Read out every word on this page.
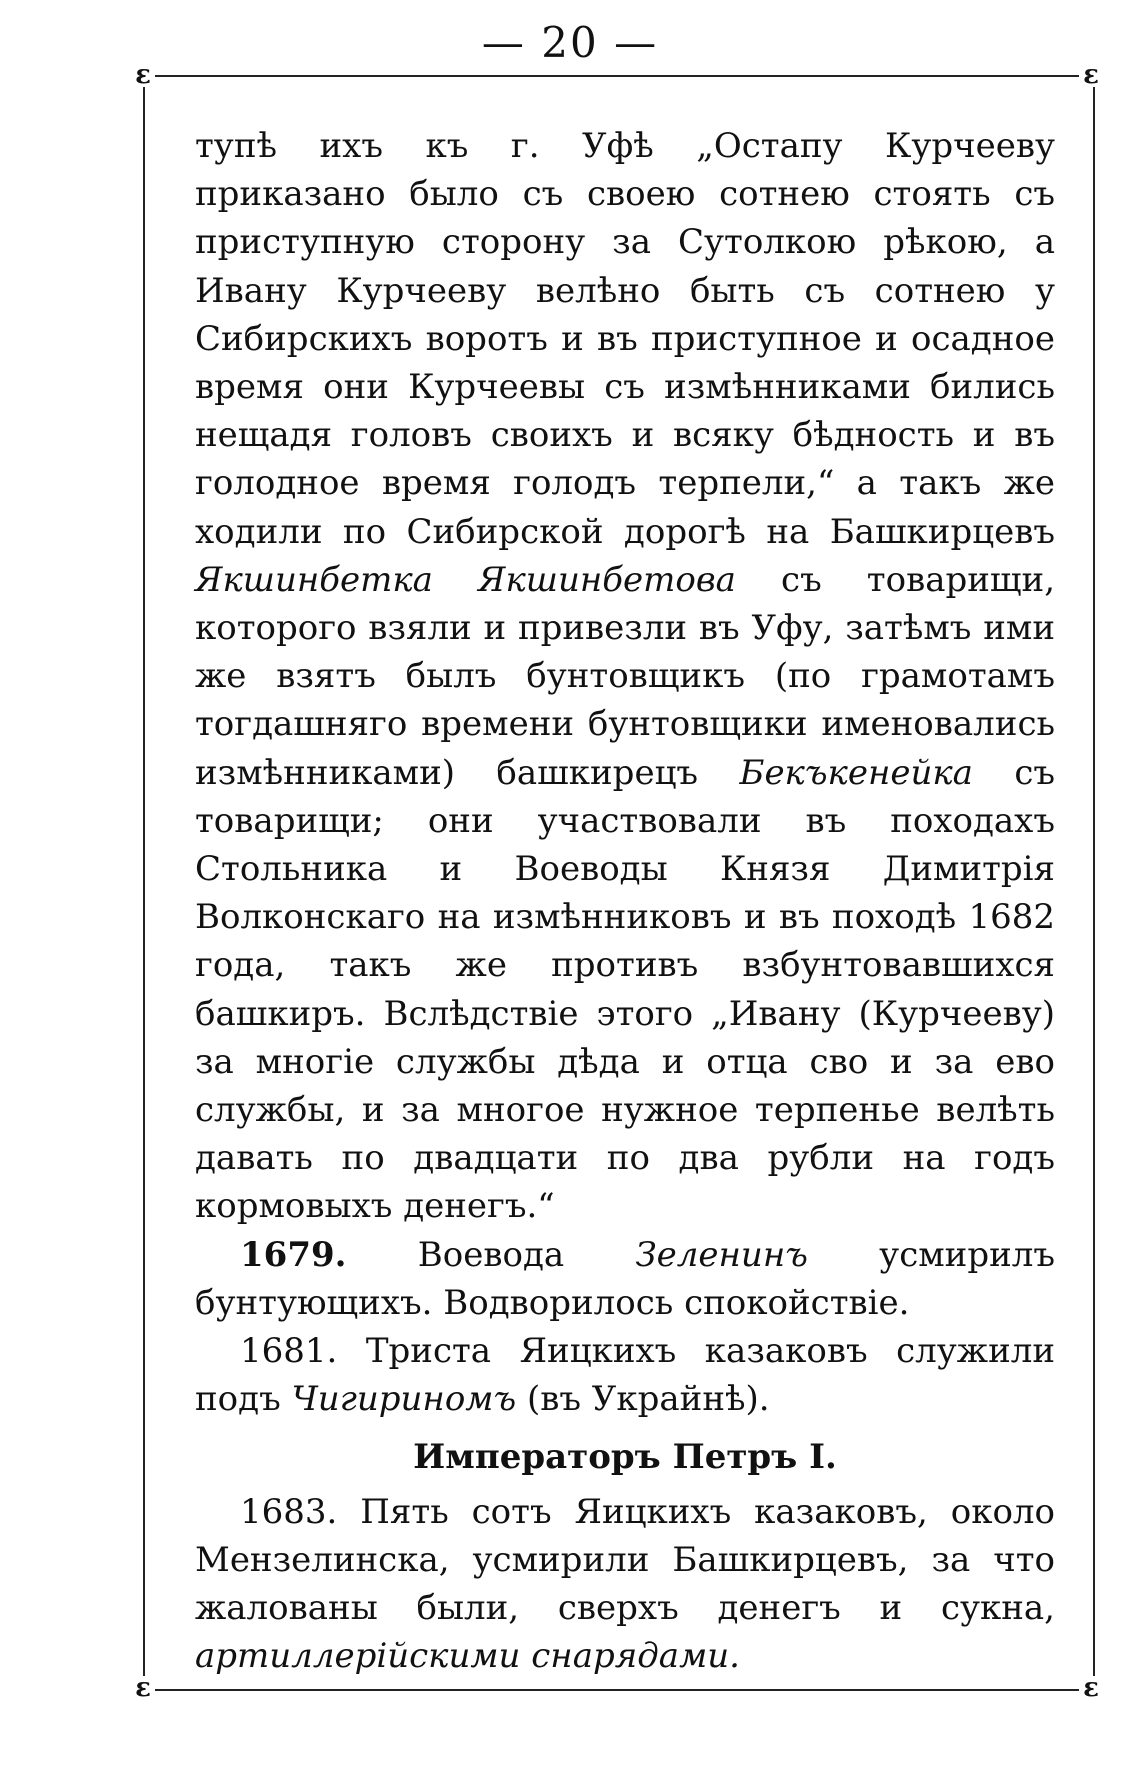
— 20 —
ɛ	ɛ
ɛ	ɛ

тупѣ ихъ къ г. Уфѣ „Остапу Курчееву приказано было съ своею сотнею стоять съ приступную сторону за Сутолкою рѣкою, а Ивану Курчееву велѣно быть съ сотнею у Сибирскихъ воротъ и въ приступное и осадное время они Курчеевы съ измѣнниками бились нещадя головъ своихъ и всяку бѣдность и въ голодное время голодъ терпели,“ а такъ же ходили по Сибирской дорогѣ на Башкирцевъ Якшинбетка Якшинбетова съ товарищи, которого взяли и привезли въ Уфу, затѣмъ ими же взятъ былъ бунтовщикъ (по грамотамъ тогдашняго времени бунтовщики именовались измѣнниками) башкирецъ Бекъкенейка съ товарищи; они участвовали въ походахъ Стольника и Воеводы Князя Димитрія Волконскаго на измѣнниковъ и въ походѣ 1682 года, такъ же противъ взбунтовавшихся башкиръ. Вслѣдствіе этого „Ивану (Курчееву) за многіе службы дѣда и отца сво и за ево службы, и за многое нужное терпенье велѣть давать по двадцати по два рубли на годъ кормовыхъ денегъ.“

1679. Воевода Зеленинъ усмирилъ бунтующихъ. Водворилось спокойствіе.

1681. Триста Яицкихъ казаковъ служили подъ Чигириномъ (въ Украйнѣ).

Императоръ Петръ I.

1683. Пять сотъ Яицкихъ казаковъ, около Мензелинска, усмирили Башкирцевъ, за что жалованы были, сверхъ денегъ и сукна, артиллерійскими снарядами.
